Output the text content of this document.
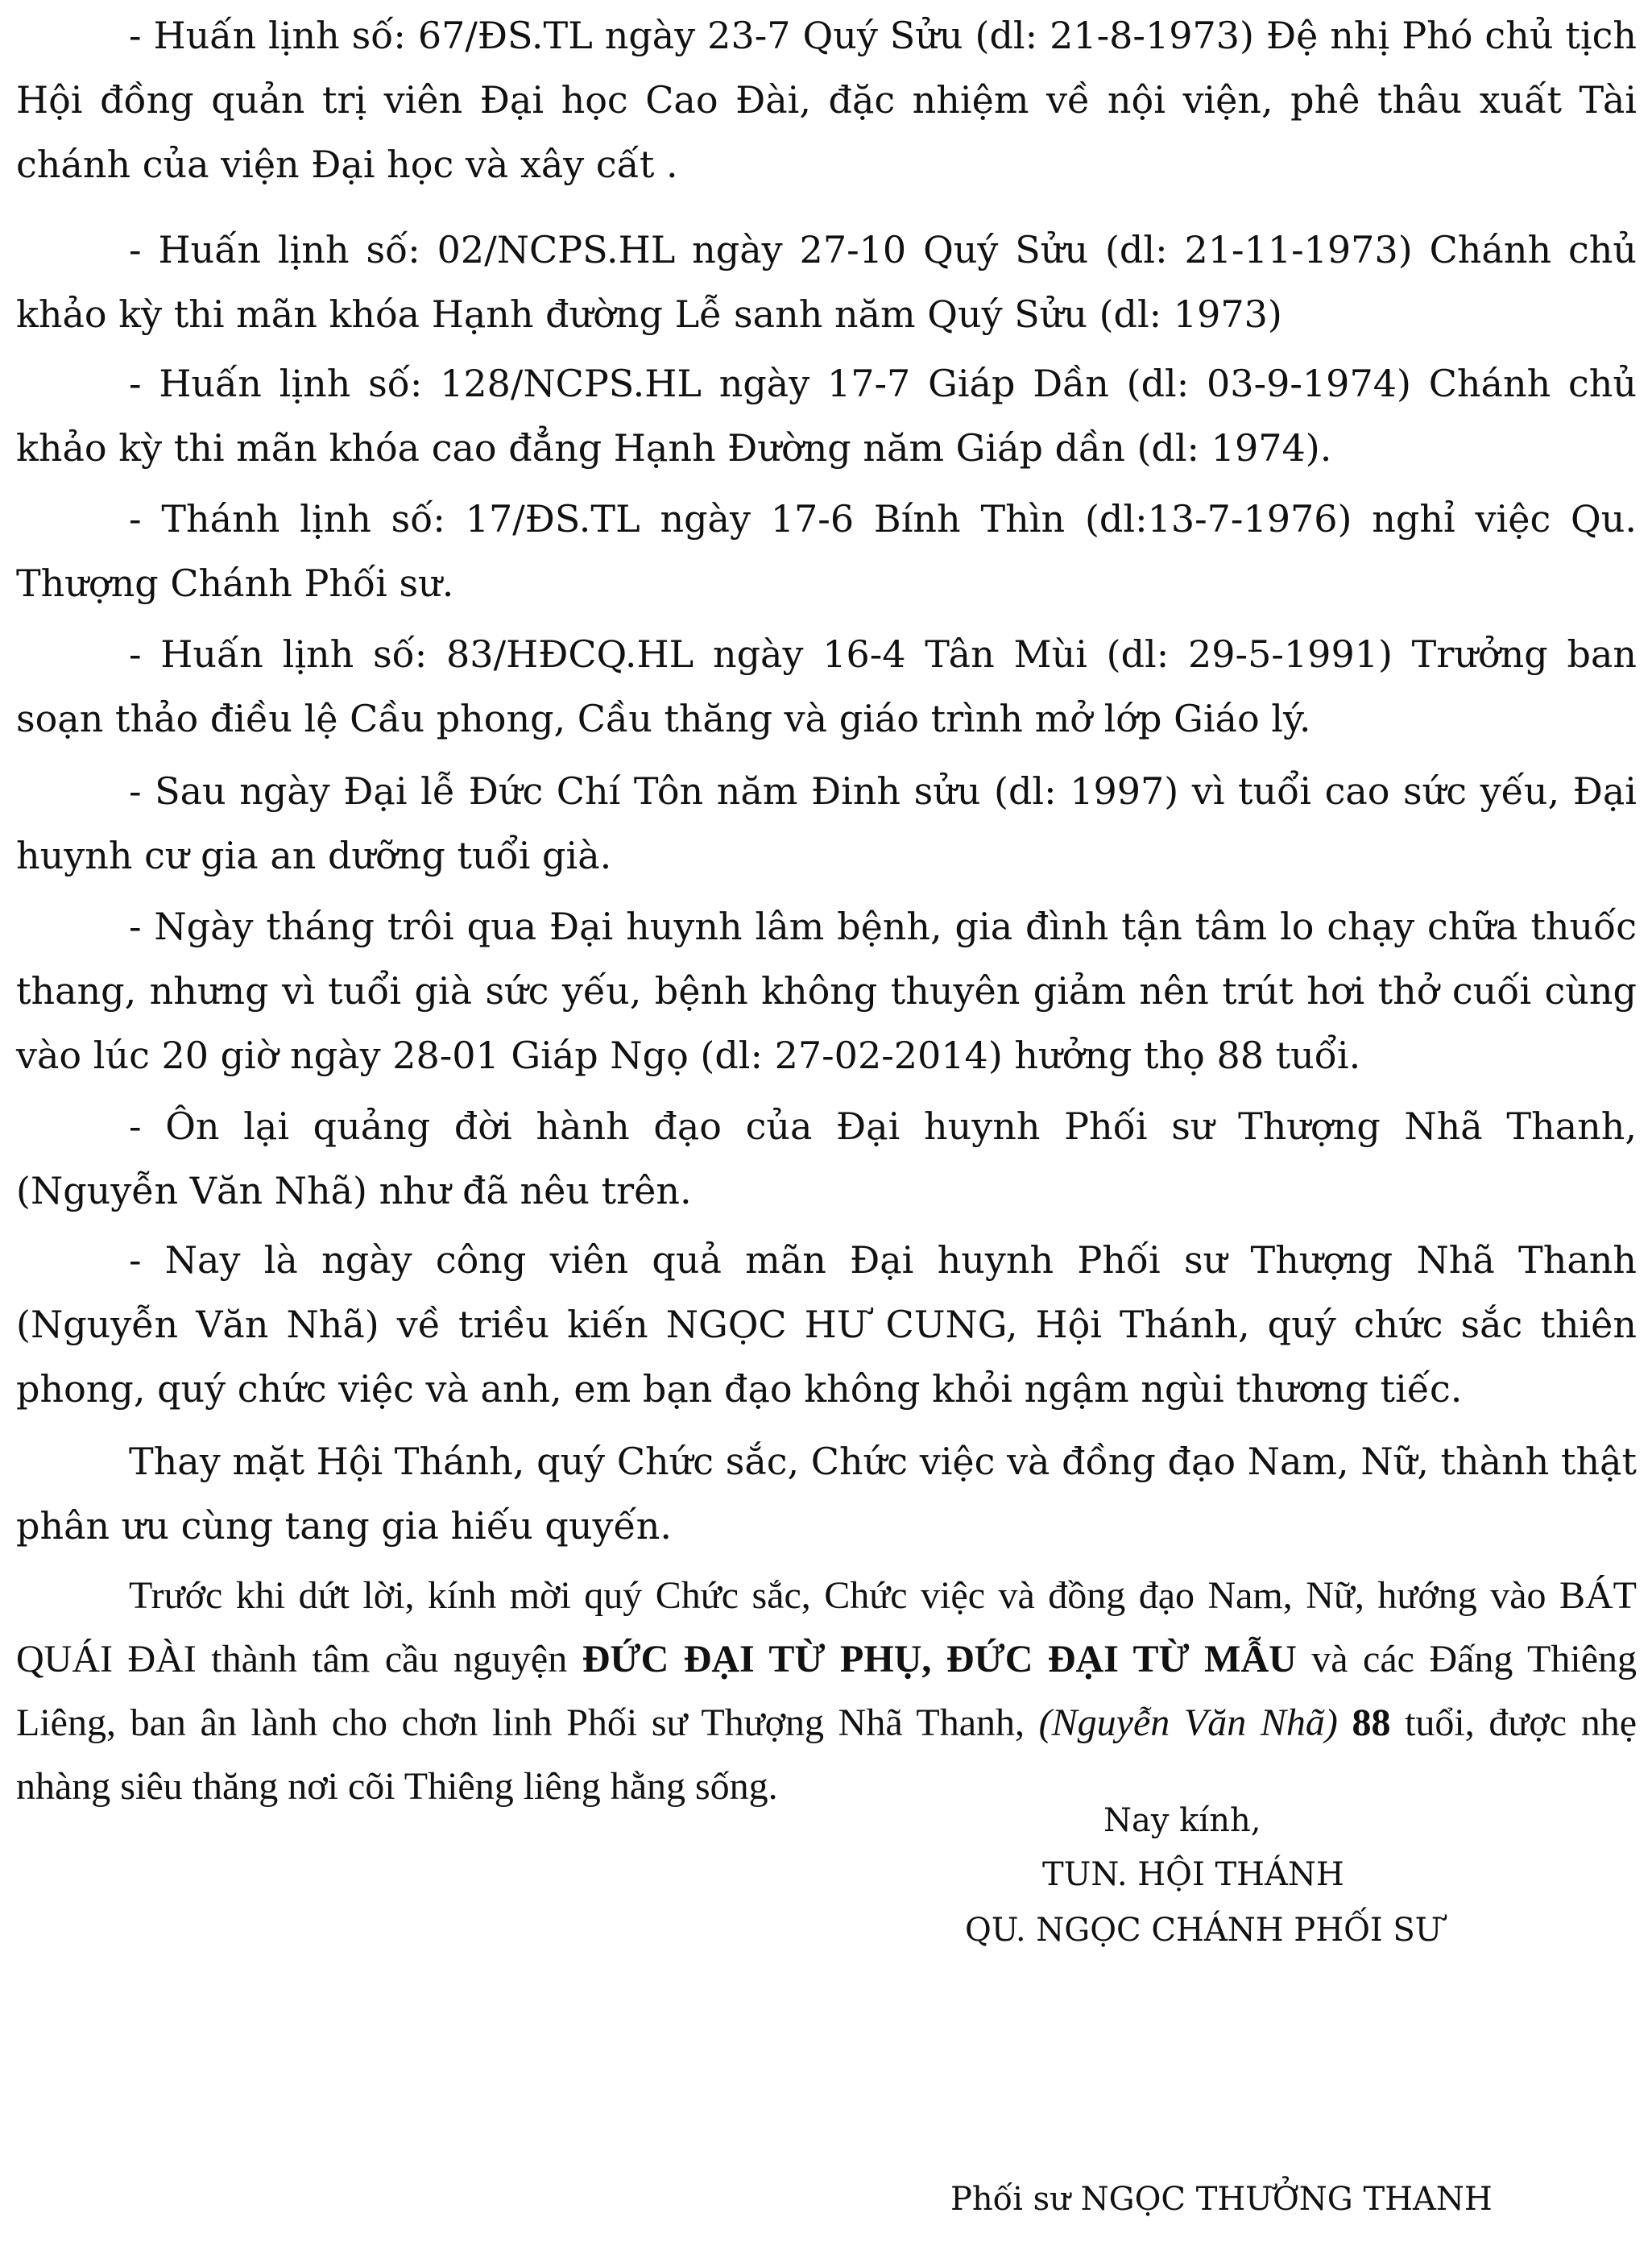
- Huấn lịnh số: 67/ĐS.TL ngày 23-7 Quý Sửu (dl: 21-8-1973) Đệ nhị Phó chủ tịch Hội đồng quản trị viên Đại học Cao Đài, đặc nhiệm về nội viện, phê thâu xuất Tài chánh của viện Đại học và xây cất .

- Huấn lịnh số: 02/NCPS.HL ngày 27-10 Quý Sửu (dl: 21-11-1973) Chánh chủ khảo kỳ thi mãn khóa Hạnh đường Lễ sanh năm Quý Sửu (dl: 1973)

- Huấn lịnh số: 128/NCPS.HL ngày 17-7 Giáp Dần (dl: 03-9-1974) Chánh chủ khảo kỳ thi mãn khóa cao đẳng Hạnh Đường năm Giáp dần (dl: 1974).

- Thánh lịnh số: 17/ĐS.TL ngày 17-6 Bính Thìn (dl:13-7-1976) nghỉ việc Qu. Thượng Chánh Phối sư.

- Huấn lịnh số: 83/HĐCQ.HL ngày 16-4 Tân Mùi (dl: 29-5-1991) Trưởng ban soạn thảo điều lệ Cầu phong, Cầu thăng và giáo trình mở lớp Giáo lý.

- Sau ngày Đại lễ Đức Chí Tôn năm Đinh sửu (dl: 1997) vì tuổi cao sức yếu, Đại huynh cư gia an dưỡng tuổi già.

- Ngày tháng trôi qua Đại huynh lâm bệnh, gia đình tận tâm lo chạy chữa thuốc thang, nhưng vì tuổi già sức yếu, bệnh không thuyên giảm nên trút hơi thở cuối cùng vào lúc 20 giờ ngày 28-01 Giáp Ngọ (dl: 27-02-2014) hưởng thọ 88 tuổi.

- Ôn lại quảng đời hành đạo của Đại huynh Phối sư Thượng Nhã Thanh, (Nguyễn Văn Nhã) như đã nêu trên.

- Nay là ngày công viên quả mãn Đại huynh Phối sư Thượng Nhã Thanh (Nguyễn Văn Nhã) về triều kiến NGỌC HƯ CUNG, Hội Thánh, quý chức sắc thiên phong, quý chức việc và anh, em bạn đạo không khỏi ngậm ngùi thương tiếc.

Thay mặt Hội Thánh, quý Chức sắc, Chức việc và đồng đạo Nam, Nữ, thành thật phân ưu cùng tang gia hiếu quyến.

Trước khi dứt lời, kính mời quý Chức sắc, Chức việc và đồng đạo Nam, Nữ, hướng vào BÁT QUÁI ĐÀI thành tâm cầu nguyện ĐỨC ĐẠI TỪ PHỤ, ĐỨC ĐẠI TỪ MẪU và các Đấng Thiêng Liêng, ban ân lành cho chơn linh Phối sư Thượng Nhã Thanh, (Nguyễn Văn Nhã) 88 tuổi, được nhẹ nhàng siêu thăng nơi cõi Thiêng liêng hằng sống.

Nay kính,
TUN. HỘI THÁNH
QU. NGỌC CHÁNH PHỐI SƯ
Phối sư NGỌC THƯỞNG THANH
